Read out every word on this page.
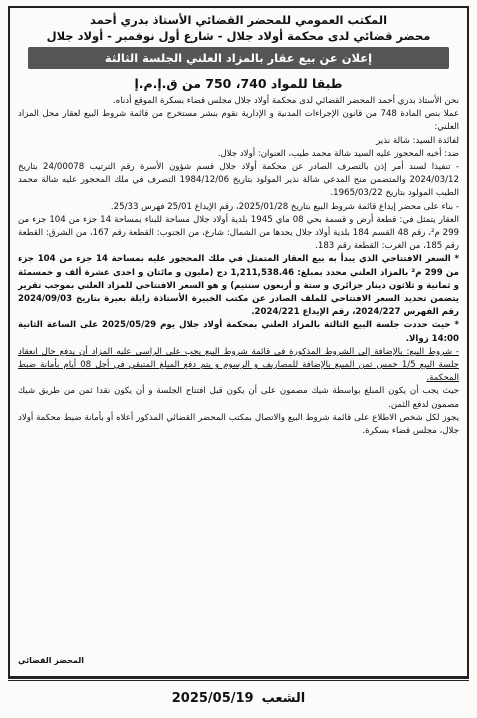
المكتب العمومي للمحضر القضائي الأستاذ بدري أحمد
محضر قضائي لدى محكمة أولاد جلال - شارع أول نوفمبر - أولاد جلال
إعلان عن بيع عقار بالمزاد العلني الجلسة الثالثة
طبقا للمواد 740، 750 من ق.إ.م.إ

نحن الأستاذ بدري أحمد المحضر القضائي لدى محكمة أولاد جلال مجلس قضاء بسكرة الموقع أدناه.

عملا بنص المادة 748 من قانون الإجراءات المدنية و الإدارية نقوم بنشر مستخرج من قائمة شروط البيع لعقار محل المزاد العلني:

لفائدة السيد: شالة نذير

ضد: أخيه المحجوز عليه السيد شالة محمد طيب، العنوان: أولاد جلال.

- تنفيذا لسند أمر إذن بالتصرف الصادر عن محكمة أولاد جلال قسم شؤون الأسرة رقم الترتيب 24/00078 بتاريخ 2024/03/12 والمتضمن منح المدعي شالة نذير المولود بتاريخ 1984/12/06 التصرف في ملك المحجور عليه شالة محمد الطيب المولود بتاريخ 1965/03/22.

- بناء على محضر إيداع قائمة شروط البيع بتاريخ 2025/01/28، رقم الإيداع 25/01 فهرس 25/33.

العقار يتمثل في: قطعة أرض و قسمة بحي 08 ماي 1945 بلدية أولاد جلال مساحة للبناء بمساحة 14 جزء من 104 جزء من 299 م²، رقم 48 القسم 184 بلدية أولاد جلال يحدها من الشمال: شارع، من الجنوب: القطعة رقم 167، من الشرق: القطعة رقم 185، من الغرب: القطعة رقم 183.

* السعر الافتتاحي الذي يبدأ به بيع العقار المتمثل في ملك المحجور عليه بمساحة 14 جزء من 104 جزء من 299 م² بالمزاد العلني محدد بمبلغ: 1,211,538.46 دج (مليون و مائتان و احدى عشرة ألف و خمسمئة و ثمانية و ثلاثون دينار جزائري و ستة و أربعون سنتيم) و هو السعر الافتتاحي للمزاد العلني بموجب تقرير يتضمن تحديد السعر الافتتاحي للملف الصادر عن مكتب الخبيرة الأستاذة زايلة بعيرة بتاريخ 2024/09/03 رقم الفهرس 2024/227، رقم الإيداع 2024/221.

* حيث حددت جلسة البيع الثالثة بالمزاد العلني بمحكمة أولاد جلال يوم 2025/05/29 على الساعة الثانية 14:00 زوالا.

- شروط البيع: بالإضافة إلى الشروط المذكورة في قائمة شروط البيع يجب على الراسي عليه المزاد أن يدفع حال انعقاد جلسة البيع 1/5 خمس ثمن المبيع بالإضافة للمصاريف و الرسوم و يتم دفع المبلغ المتبقي في أجل 08 أيام بأمانة ضبط المحكمة.

حيث يجب أن يكون المبلغ بواسطة شيك مصمون على أن يكون قبل افتتاح الجلسة و أن يكون نقدا ثمن من طريق شيك مصمون لدفع الثمن.

يجوز لكل شخص الاطلاع على قائمة شروط البيع والاتصال بمكتب المحضر القضائي المذكور أعلاه أو بأمانة ضبط محكمة أولاد جلال، مجلس قضاء بسكرة.

المحضر القضائي
2025/05/19 الشعب
